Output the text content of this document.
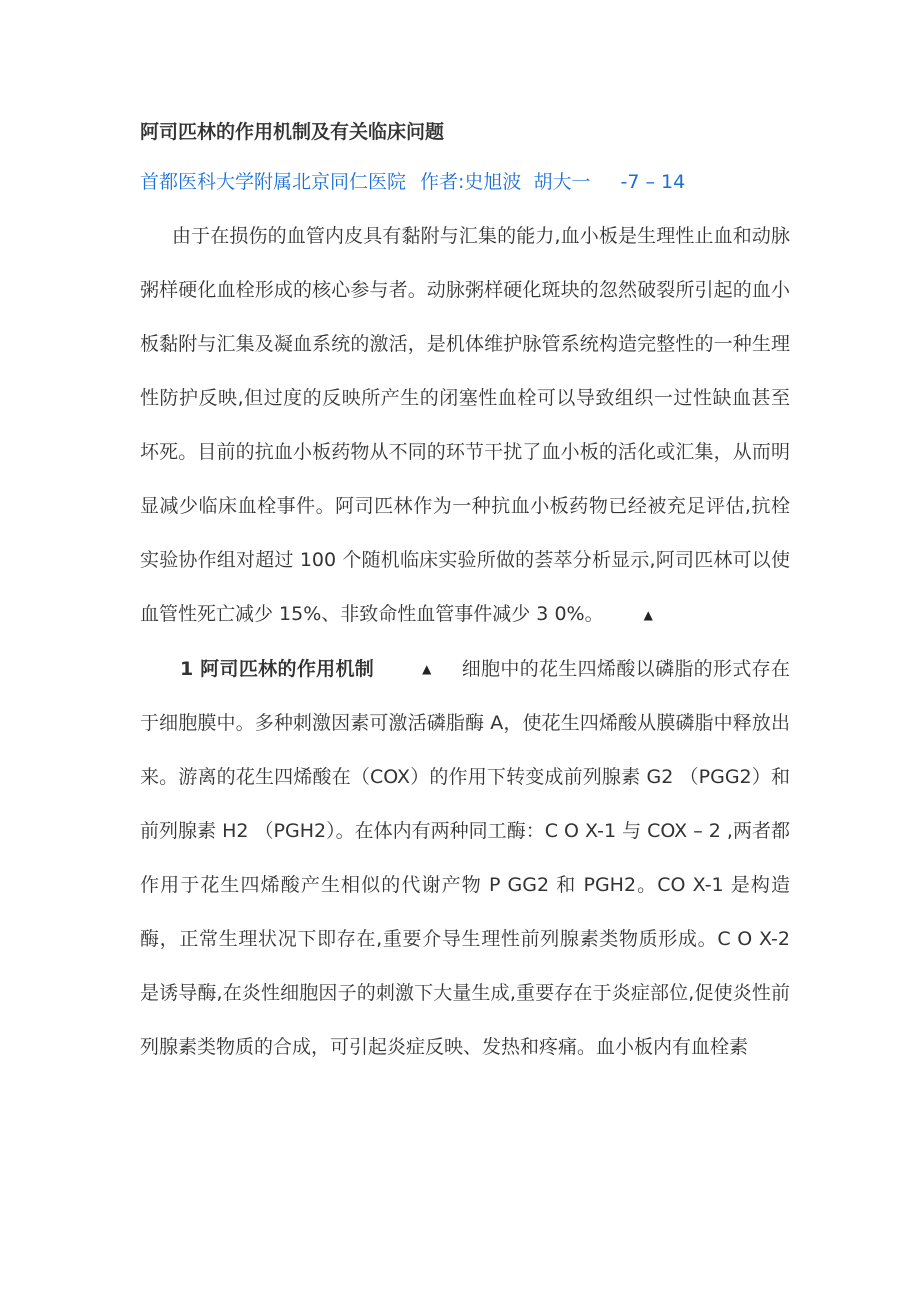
阿司匹林的作用机制及有关临床问题
首都医科大学附属北京同仁医院 作者:史旭波  胡大一 -7 – 14

由于在损伤的血管内皮具有黏附与汇集的能力,血小板是生理性止血和动脉粥样硬化血栓形成的核心参与者。动脉粥样硬化斑块的忽然破裂所引起的血小板黏附与汇集及凝血系统的激活，是机体维护脉管系统构造完整性的一种生理性防护反映,但过度的反映所产生的闭塞性血栓可以导致组织一过性缺血甚至坏死。目前的抗血小板药物从不同的环节干扰了血小板的活化或汇集，从而明显减少临床血栓事件。阿司匹林作为一种抗血小板药物已经被充足评估,抗栓实验协作组对超过 100 个随机临床实验所做的荟萃分析显示,阿司匹林可以使血管性死亡减少 15%、非致命性血管事件减少 3 0%。	▲

1 阿司匹林的作用机制	▲ 细胞中的花生四烯酸以磷脂的形式存在于细胞膜中。多种刺激因素可激活磷脂酶 A，使花生四烯酸从膜磷脂中释放出来。游离的花生四烯酸在（COX）的作用下转变成前列腺素 G2 （PGG2）和前列腺素 H2 （PGH2）。在体内有两种同工酶：C O X-1 与 COX – 2 ,两者都作用于花生四烯酸产生相似的代谢产物 P GG2 和 PGH2。CO X-1 是构造酶，正常生理状况下即存在,重要介导生理性前列腺素类物质形成。C O X-2 是诱导酶,在炎性细胞因子的刺激下大量生成,重要存在于炎症部位,促使炎性前列腺素类物质的合成，可引起炎症反映、发热和疼痛。血小板内有血栓素
